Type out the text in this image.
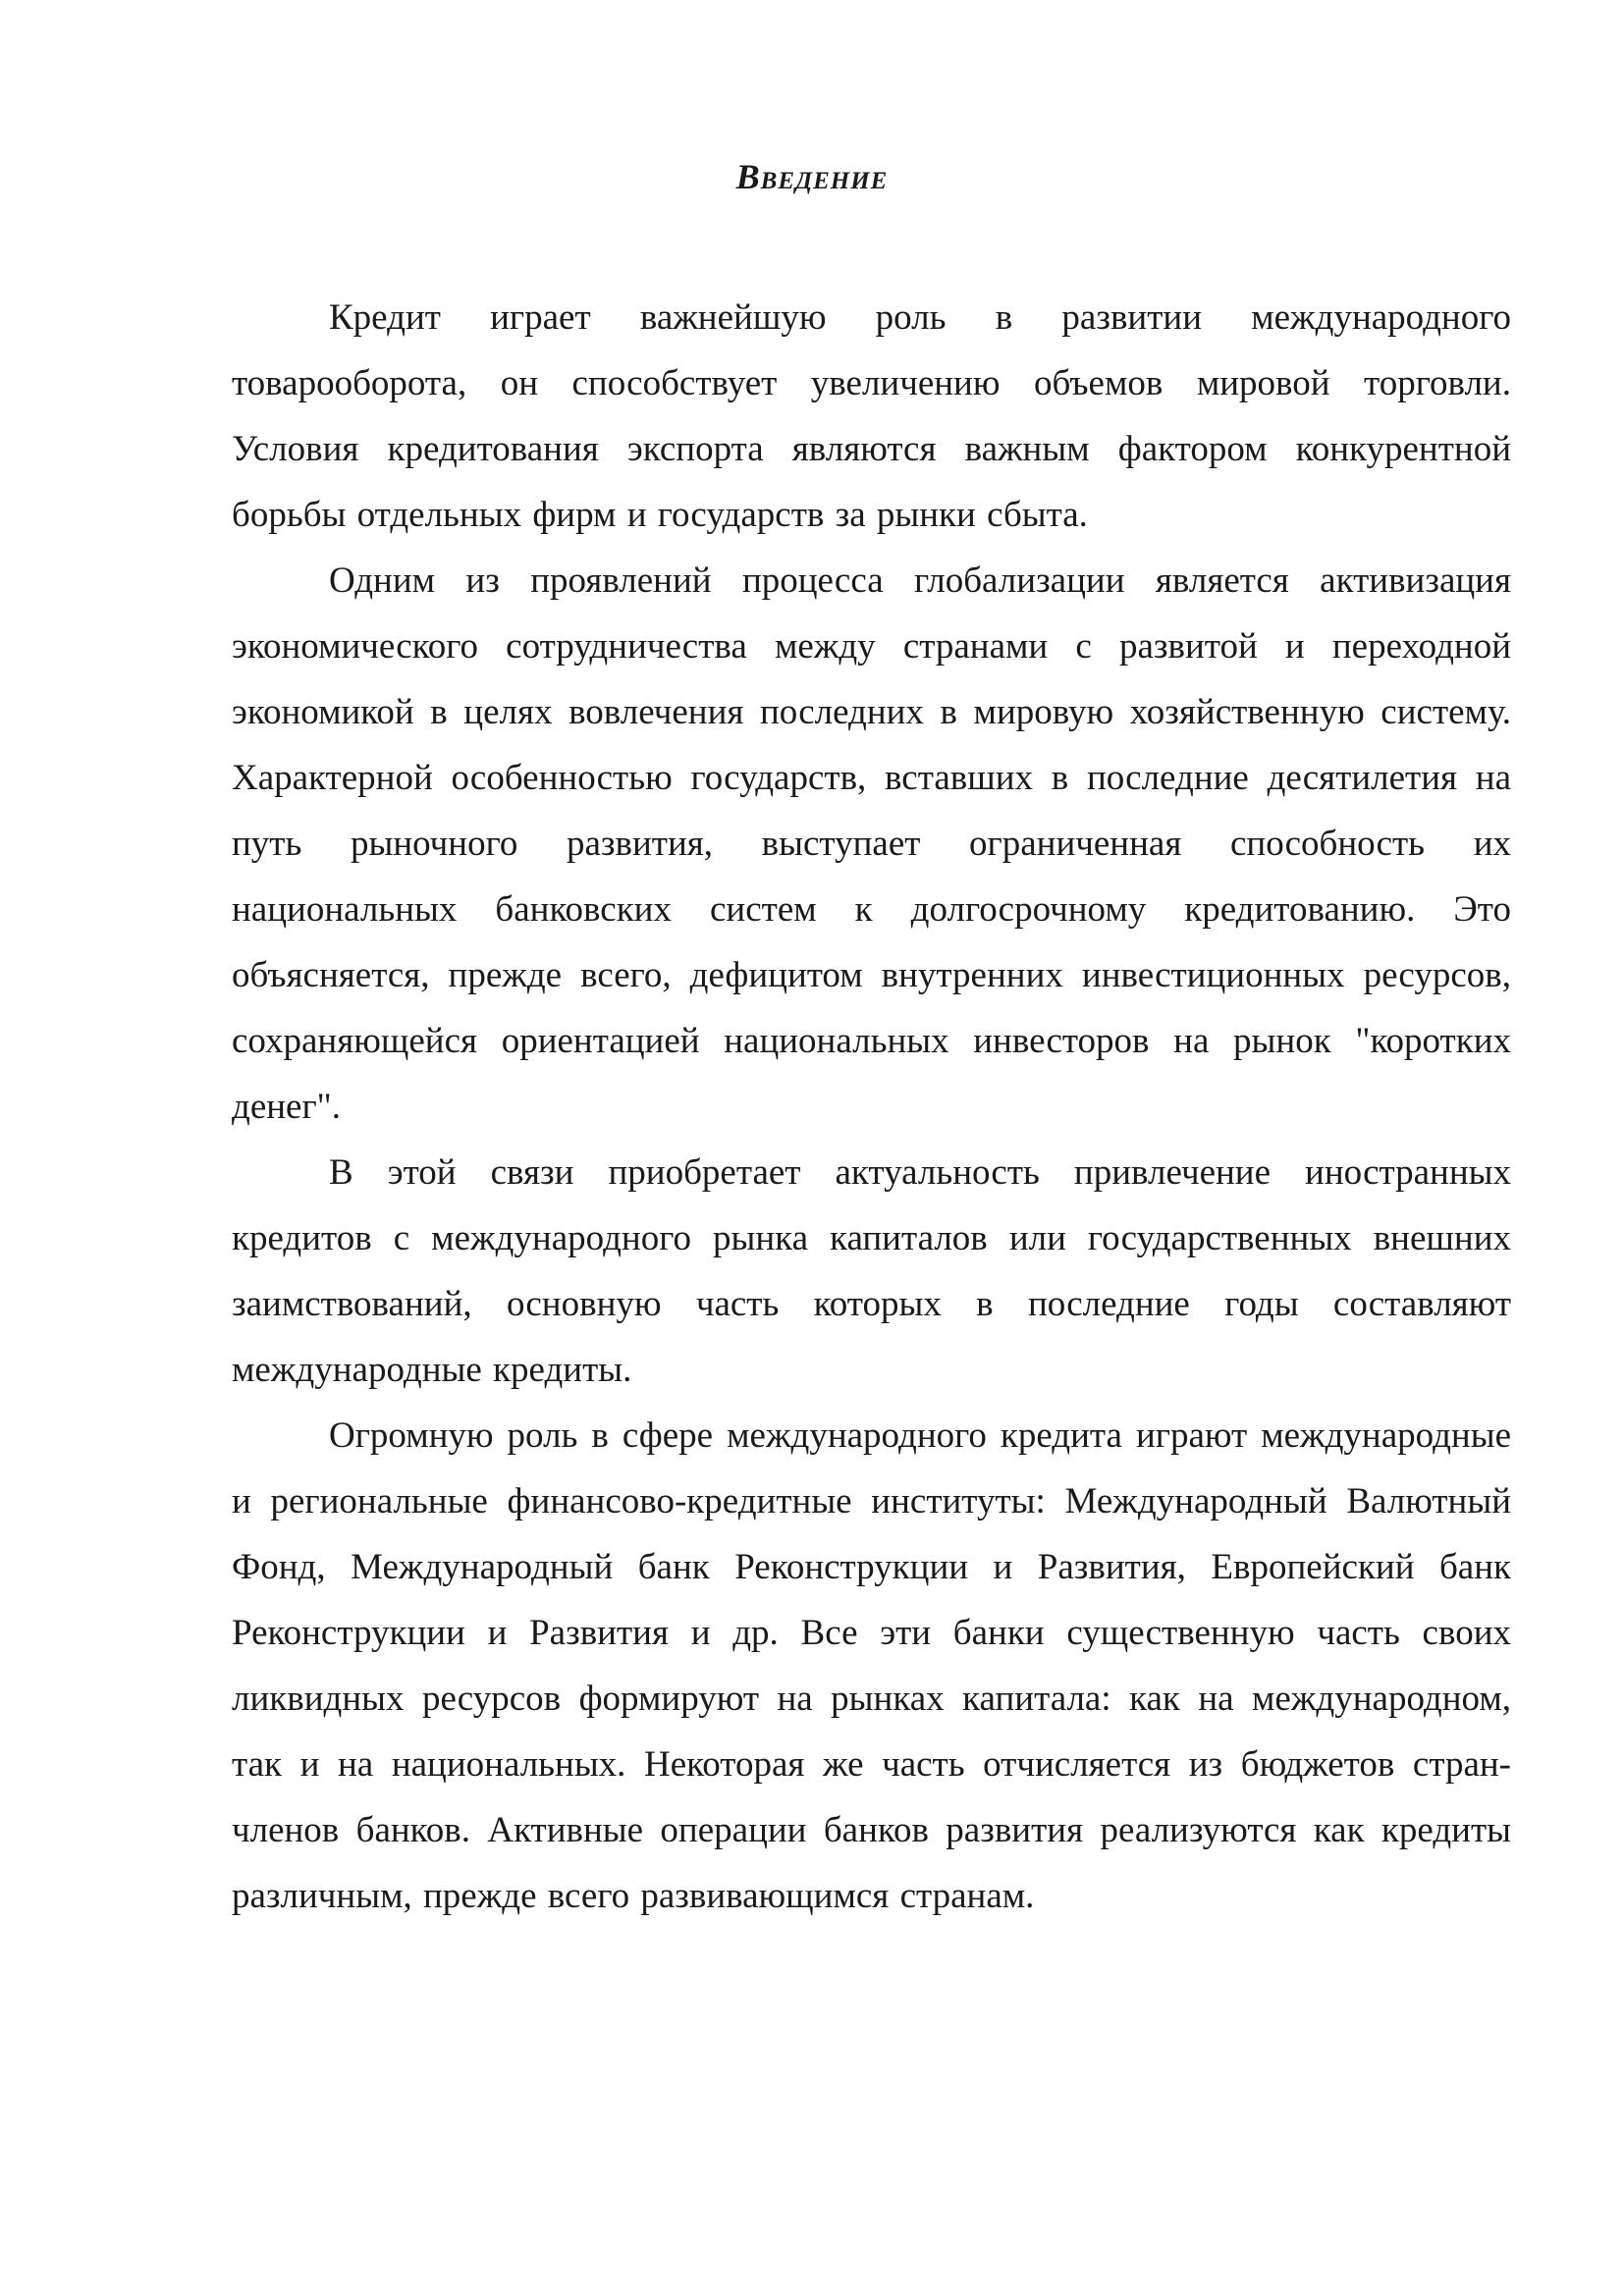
Введение

Кредит играет важнейшую роль в развитии международного товарооборота, он способствует увеличению объемов мировой торговли. Условия кредитования экспорта являются важным фактором конкурентной борьбы отдельных фирм и государств за рынки сбыта.

Одним из проявлений процесса глобализации является активизация экономического сотрудничества между странами с развитой и переходной экономикой в целях вовлечения последних в мировую хозяйственную систему. Характерной особенностью государств, вставших в последние десятилетия на путь рыночного развития, выступает ограниченная способность их национальных банковских систем к долгосрочному кредитованию. Это объясняется, прежде всего, дефицитом внутренних инвестиционных ресурсов, сохраняющейся ориентацией национальных инвесторов на рынок "коротких денег".

В этой связи приобретает актуальность привлечение иностранных кредитов с международного рынка капиталов или государственных внешних заимствований, основную часть которых в последние годы составляют международные кредиты.

Огромную роль в сфере международного кредита играют международные и региональные финансово-кредитные институты: Международный Валютный Фонд, Международный банк Реконструкции и Развития, Европейский банк Реконструкции и Развития и др. Все эти банки существенную часть своих ликвидных ресурсов формируют на рынках капитала: как на международном, так и на национальных. Некоторая же часть отчисляется из бюджетов стран-членов банков. Активные операции банков развития реализуются как кредиты различным, прежде всего развивающимся странам.
